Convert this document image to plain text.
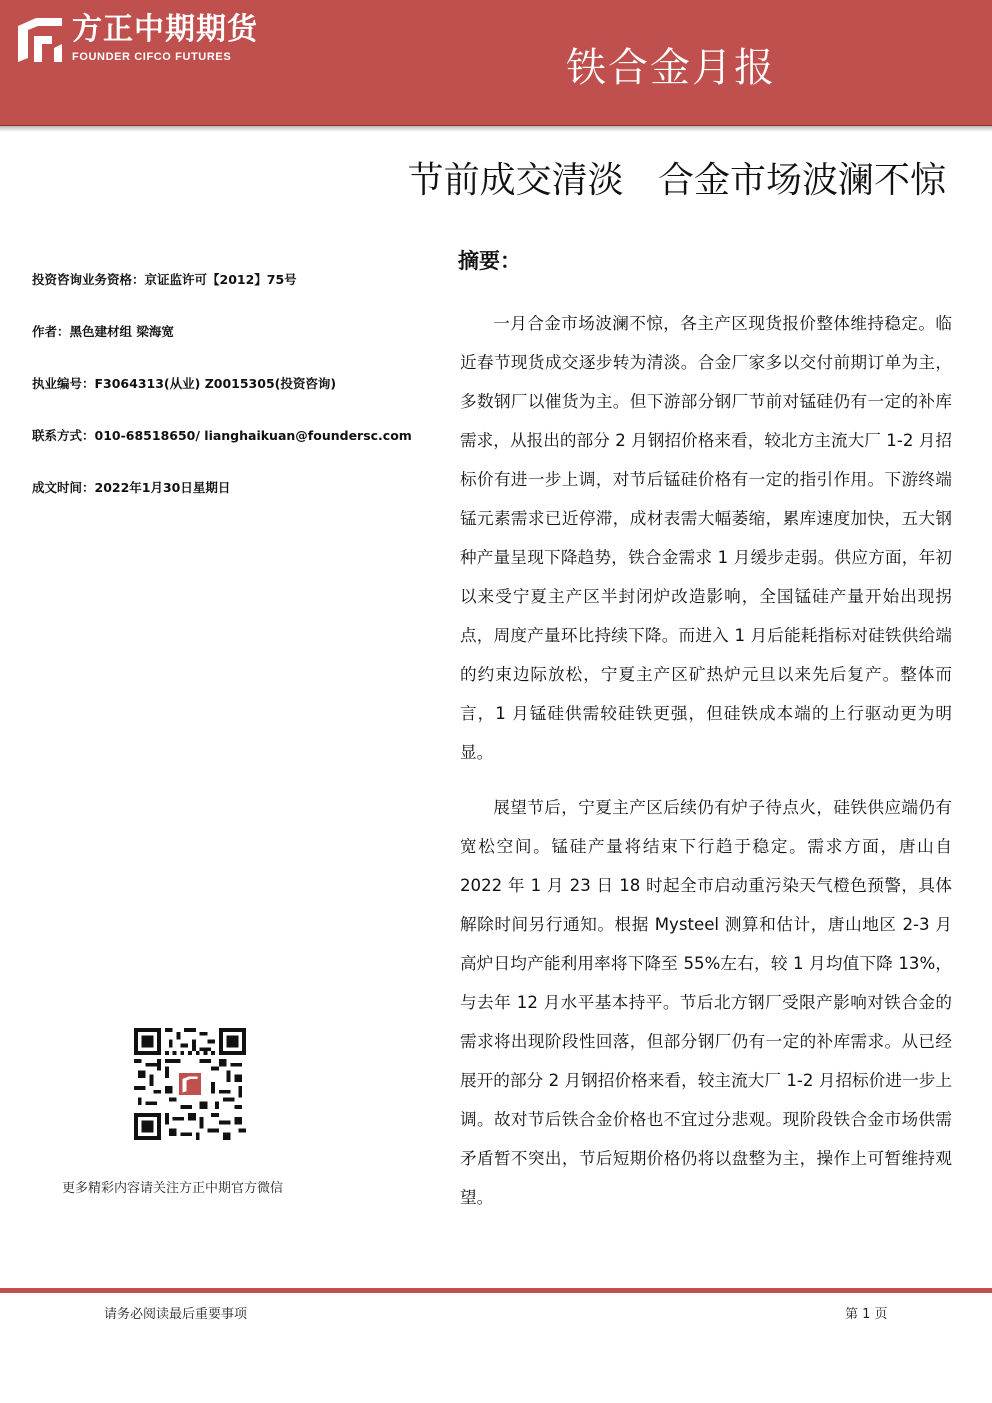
方正中期期货
FOUNDER CIFCO FUTURES	铁合金月报
节前成交清淡   合金市场波澜不惊
投资咨询业务资格：京证监许可【2012】75号
作者：黑色建材组 梁海宽
执业编号：F3064313(从业) Z0015305(投资咨询)
联系方式：010-68518650/ lianghaikuan@foundersc.com
成文时间：2022年1月30日星期日
更多精彩内容请关注方正中期官方微信
摘要：

一月合金市场波澜不惊，各主产区现货报价整体维持稳定。临近春节现货成交逐步转为清淡。合金厂家多以交付前期订单为主，多数钢厂以催货为主。但下游部分钢厂节前对锰硅仍有一定的补库需求，从报出的部分 2 月钢招价格来看，较北方主流大厂 1-2 月招标价有进一步上调，对节后锰硅价格有一定的指引作用。下游终端锰元素需求已近停滞，成材表需大幅萎缩，累库速度加快，五大钢种产量呈现下降趋势，铁合金需求 1 月缓步走弱。供应方面，年初以来受宁夏主产区半封闭炉改造影响，全国锰硅产量开始出现拐点，周度产量环比持续下降。而进入 1 月后能耗指标对硅铁供给端的约束边际放松，宁夏主产区矿热炉元旦以来先后复产。整体而言，1 月锰硅供需较硅铁更强，但硅铁成本端的上行驱动更为明显。

展望节后，宁夏主产区后续仍有炉子待点火，硅铁供应端仍有宽松空间。锰硅产量将结束下行趋于稳定。需求方面，唐山自 2022 年 1 月 23 日 18 时起全市启动重污染天气橙色预警，具体解除时间另行通知。根据 Mysteel 测算和估计，唐山地区 2-3 月高炉日均产能利用率将下降至 55%左右，较 1 月均值下降 13%，与去年 12 月水平基本持平。节后北方钢厂受限产影响对铁合金的需求将出现阶段性回落，但部分钢厂仍有一定的补库需求。从已经展开的部分 2 月钢招价格来看，较主流大厂 1-2 月招标价进一步上调。故对节后铁合金价格也不宜过分悲观。现阶段铁合金市场供需矛盾暂不突出，节后短期价格仍将以盘整为主，操作上可暂维持观望。

请务必阅读最后重要事项	第 1 页
